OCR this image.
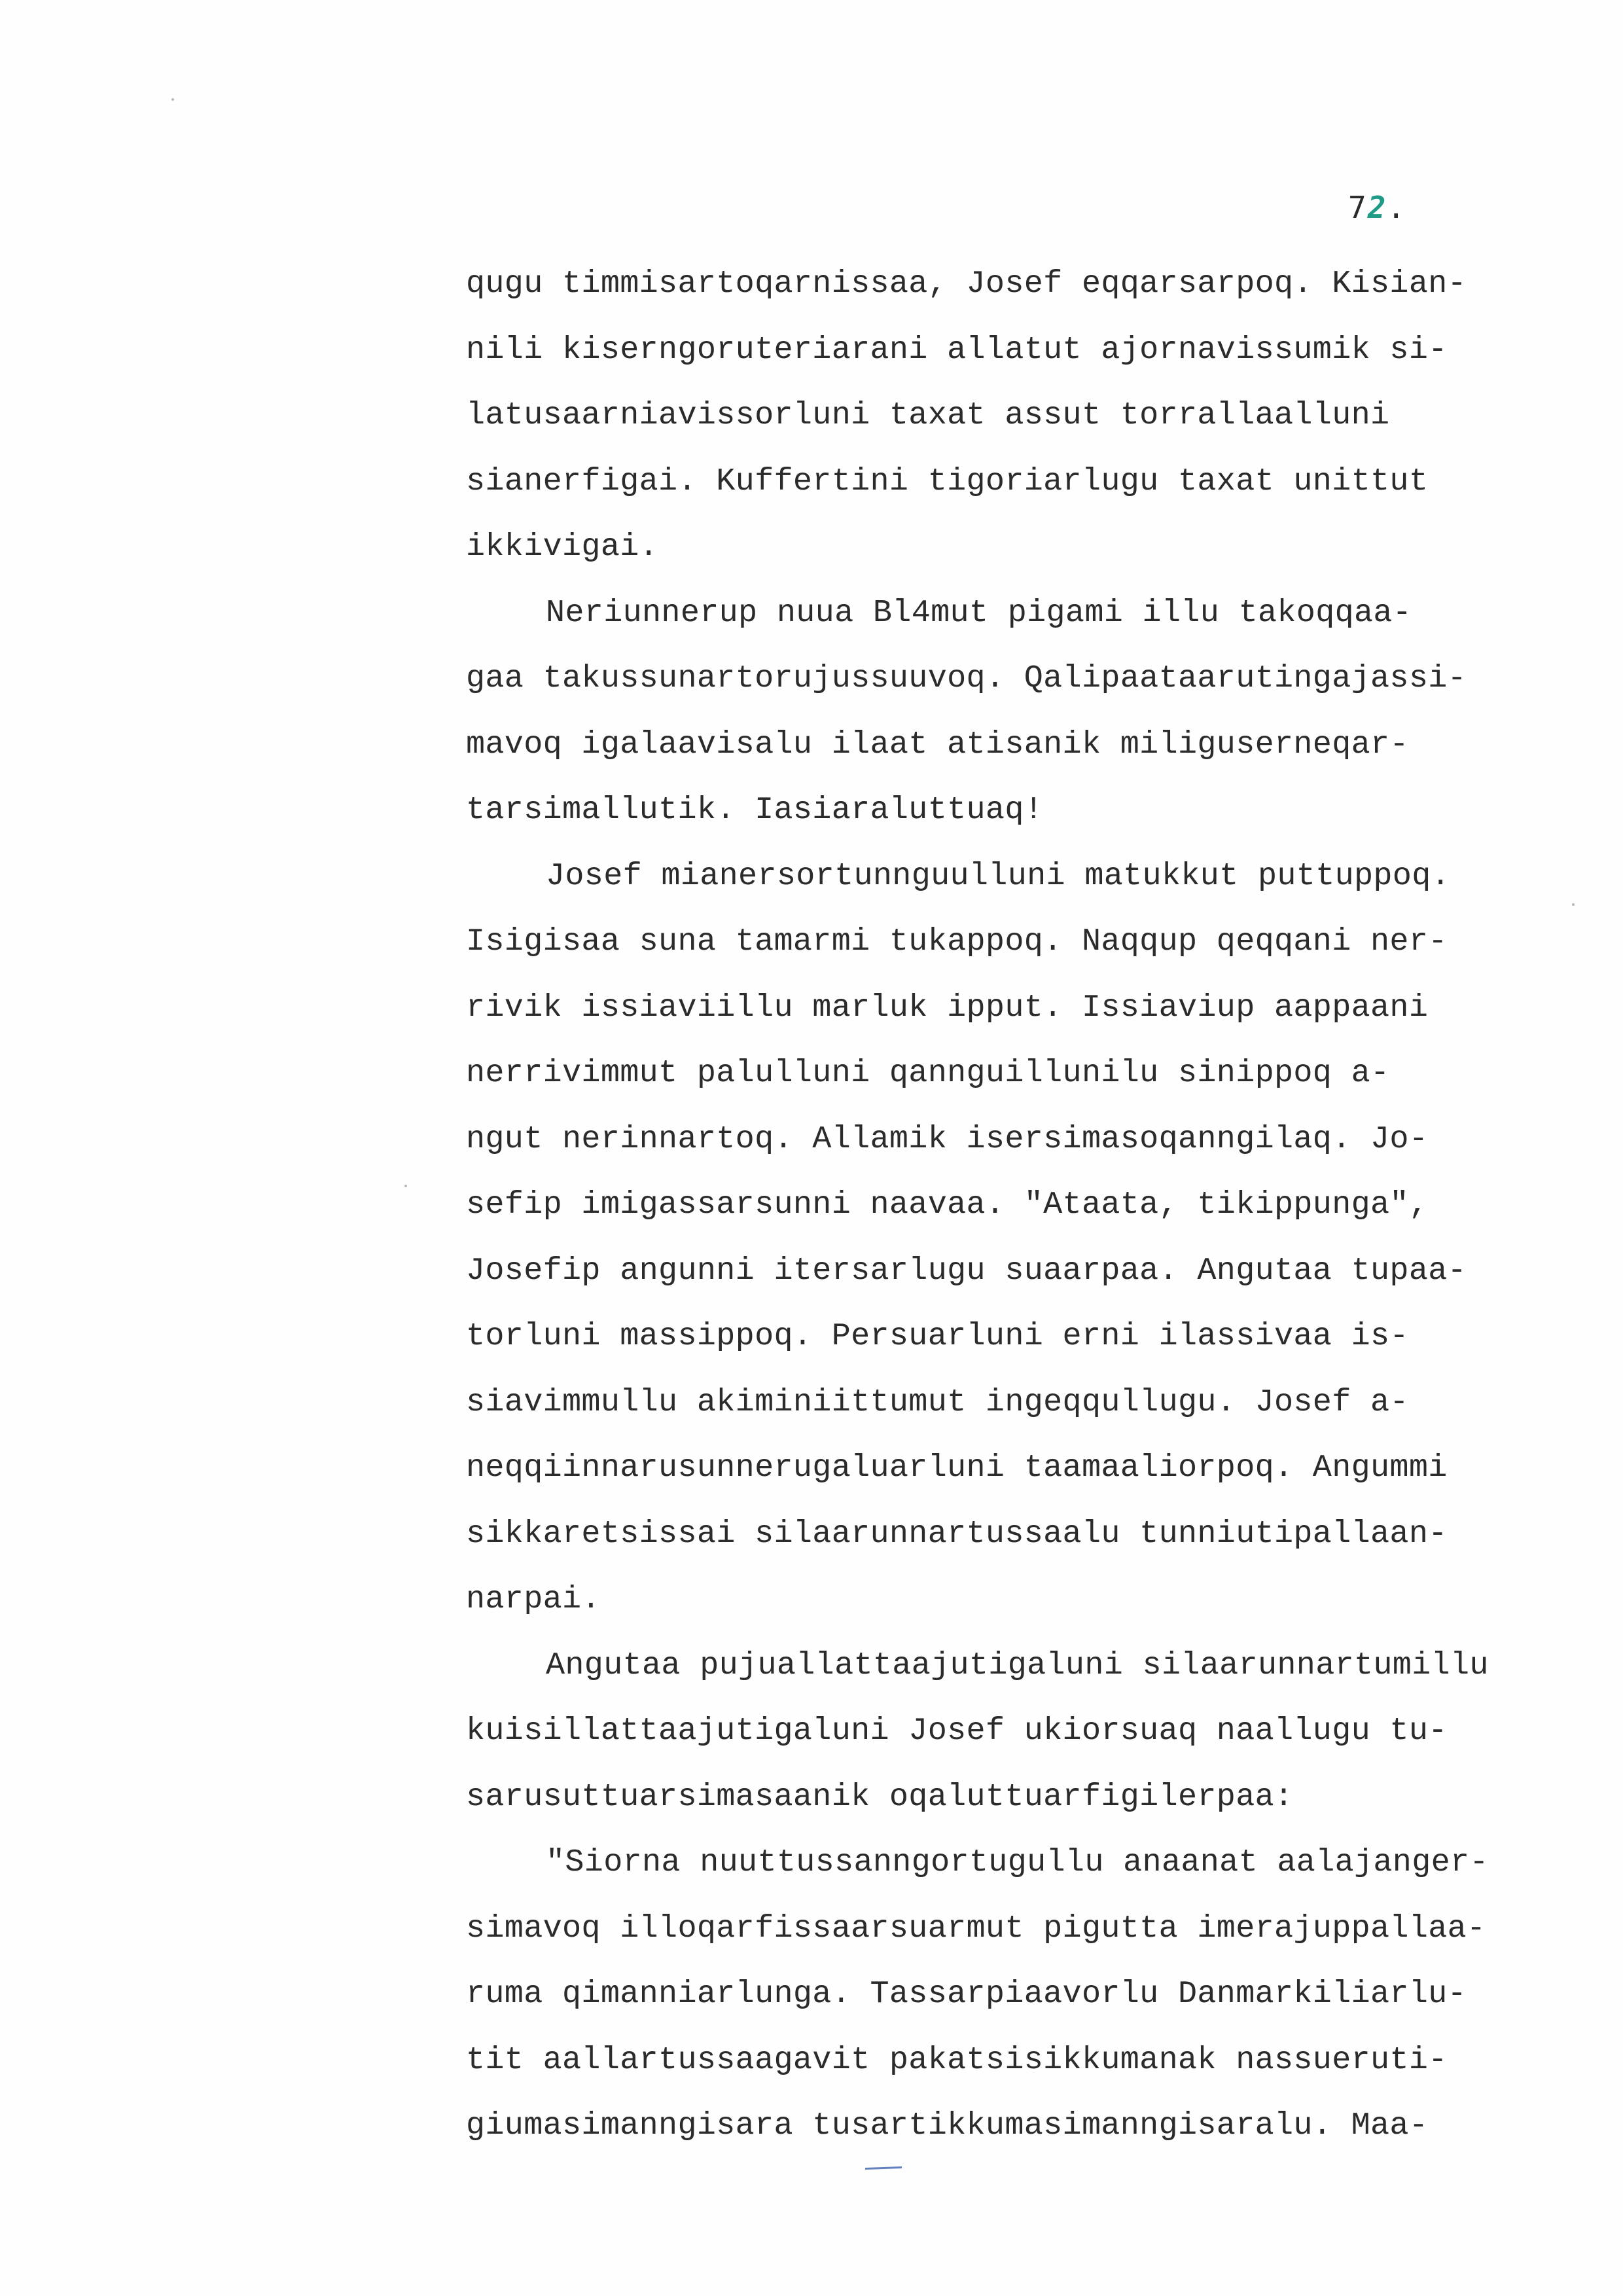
72.
qugu timmisartoqarnissaa, Josef eqqarsarpoq. Kisian-
nili kiserngoruteriarani allatut ajornavissumik si-
latusaarniavissorluni taxat assut torrallaalluni
sianerfigai. Kuffertini tigoriarlugu taxat unittut
ikkivigai.
Neriunnerup nuua Bl4mut pigami illu takoqqaa-
gaa takussunartorujussuuvoq. Qalipaataarutingajassi-
mavoq igalaavisalu ilaat atisanik miliguserneqar-
tarsimallutik. Iasiaraluttuaq!
Josef mianersortunnguulluni matukkut puttuppoq.
Isigisaa suna tamarmi tukappoq. Naqqup qeqqani ner-
rivik issiaviillu marluk ipput. Issiaviup aappaani
nerrivimmut palulluni qannguillunilu sinippoq a-
ngut nerinnartoq. Allamik isersimasoqanngilaq. Jo-
sefip imigassarsunni naavaa. "Ataata, tikippunga",
Josefip angunni itersarlugu suaarpaa. Angutaa tupaa-
torluni massippoq. Persuarluni erni ilassivaa is-
siavimmullu akiminiittumut ingeqqullugu. Josef a-
neqqiinnarusunnerugaluarluni taamaaliorpoq. Angummi
sikkaretsissai silaarunnartussaalu tunniutipallaan-
narpai.
Angutaa pujuallattaajutigaluni silaarunnartumillu
kuisillattaajutigaluni Josef ukiorsuaq naallugu tu-
sarusuttuarsimasaanik oqaluttuarfigilerpaa:
"Siorna nuuttussanngortugullu anaanat aalajanger-
simavoq illoqarfissaarsuarmut pigutta imerajuppallaa-
ruma qimanniarlunga. Tassarpiaavorlu Danmarkiliarlu-
tit aallartussaagavit pakatsisikkumanak nassueruti-
giumasimanngisara tusartikkumasimanngisaralu. Maa-
